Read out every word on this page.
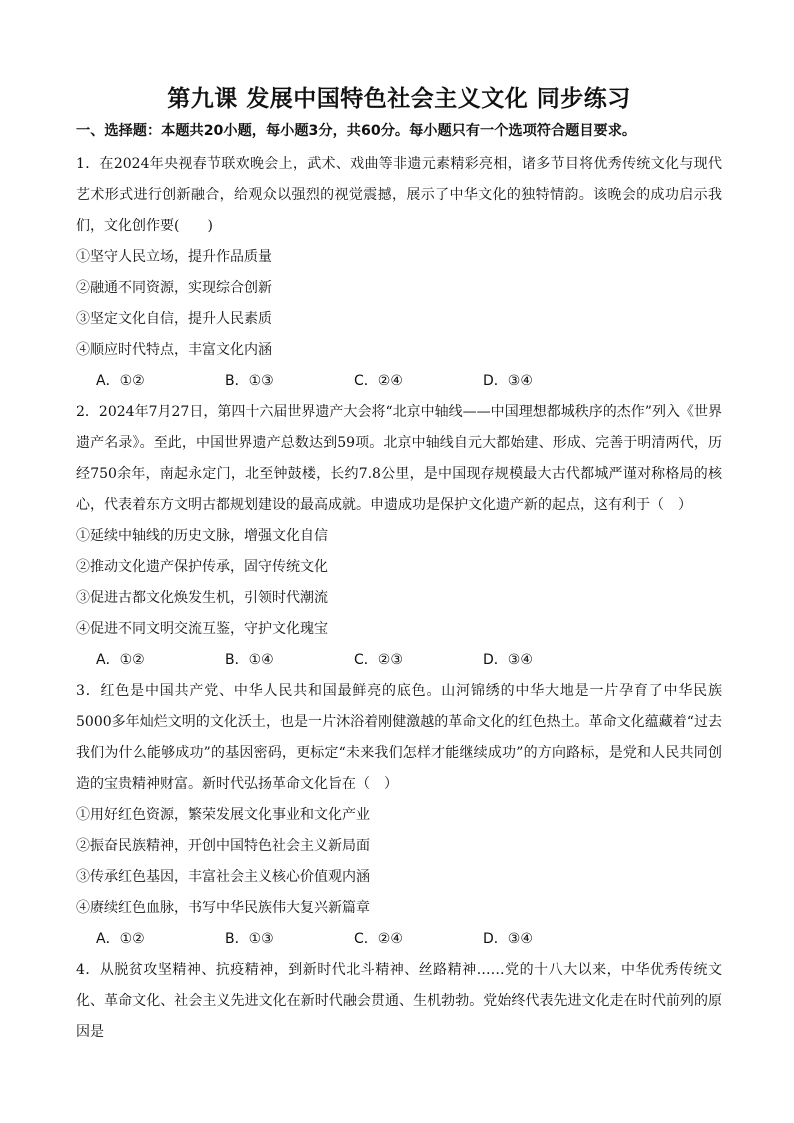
第九课 发展中国特色社会主义文化 同步练习

一、选择题：本题共20小题，每小题3分，共60分。每小题只有一个选项符合题目要求。

1．在2024年央视春节联欢晚会上，武术、戏曲等非遗元素精彩亮相，诸多节目将优秀传统文化与现代艺术形式进行创新融合，给观众以强烈的视觉震撼，展示了中华文化的独特情韵。该晚会的成功启示我们，文化创作要(　　)

①坚守人民立场，提升作品质量

②融通不同资源，实现综合创新

③坚定文化自信，提升人民素质

④顺应时代特点，丰富文化内涵

A．①②	B．①③	C．②④	D．③④

2．2024年7月27日，第四十六届世界遗产大会将“北京中轴线——中国理想都城秩序的杰作”列入《世界遗产名录》。至此，中国世界遗产总数达到59项。北京中轴线自元大都始建、形成、完善于明清两代，历经750余年，南起永定门，北至钟鼓楼，长约7.8公里，是中国现存规模最大古代都城严谨对称格局的核心，代表着东方文明古都规划建设的最高成就。申遗成功是保护文化遗产新的起点，这有利于（　）

①延续中轴线的历史文脉，增强文化自信

②推动文化遗产保护传承，固守传统文化

③促进古都文化焕发生机，引领时代潮流

④促进不同文明交流互鉴，守护文化瑰宝

A．①②	B．①④	C．②③	D．③④

3．红色是中国共产党、中华人民共和国最鲜亮的底色。山河锦绣的中华大地是一片孕育了中华民族5000多年灿烂文明的文化沃土，也是一片沐浴着刚健激越的革命文化的红色热土。革命文化蕴藏着“过去我们为什么能够成功”的基因密码，更标定“未来我们怎样才能继续成功”的方向路标，是党和人民共同创造的宝贵精神财富。新时代弘扬革命文化旨在（　）

①用好红色资源，繁荣发展文化事业和文化产业

②振奋民族精神，开创中国特色社会主义新局面

③传承红色基因，丰富社会主义核心价值观内涵

④赓续红色血脉，书写中华民族伟大复兴新篇章

A．①②	B．①③	C．②④	D．③④

4．从脱贫攻坚精神、抗疫精神，到新时代北斗精神、丝路精神……党的十八大以来，中华优秀传统文化、革命文化、社会主义先进文化在新时代融会贯通、生机勃勃。党始终代表先进文化走在时代前列的原因是
